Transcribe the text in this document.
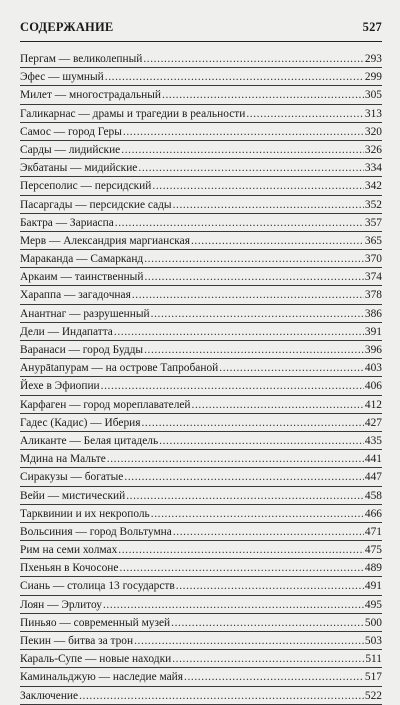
СОДЕРЖАНИЕ	527
Пергам — великолепный .....	293
Эфес — шумный .....	299
Милет — многострадальный .....	305
Галикарнас — драмы и трагедии в реальности .....	313
Самос — город Геры .....	320
Сарды — лидийские .....	326
Экбатаны — мидийские .....	334
Персеполис — персидский .....	342
Пасаргады — персидские сады .....	352
Бактра — Зариаспа .....	357
Мерв — Александрия маргианская .....	365
Мараканда — Самарканд .....	370
Аркаим — таинственный .....	374
Хараппа — загадочная .....	378
Анантнаг — разрушенный .....	386
Дели — Индапатта .....	391
Варанаси — город Будды .....	396
Анурātапурам — на острове Тапробаной .....	403
Йехе в Эфиопии .....	406
Карфаген — город мореплавателей .....	412
Гадес (Кадис) — Иберия .....	427
Аликанте — Белая цитадель .....	435
Мдина на Мальте .....	441
Сиракузы — богатые .....	447
Вейи — мистический .....	458
Тарквинии и их некрополь .....	466
Вольсиния — город Вольтумна .....	471
Рим на семи холмах .....	475
Пхеньян в Кочосоне .....	489
Сиань — столица 13 государств .....	491
Лоян — Эрлитоу .....	495
Пиньяо — современный музей .....	500
Пекин — битва за трон .....	503
Караль-Супе — новые находки .....	511
Каминальджую — наследие майя .....	517
Заключение .....	522
